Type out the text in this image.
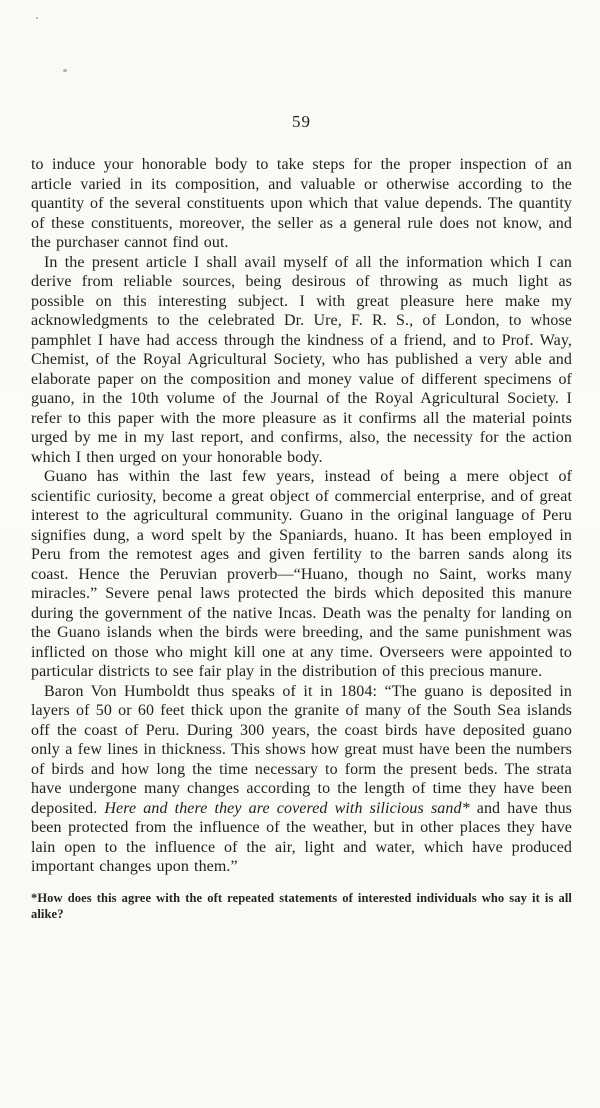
59

to induce your honorable body to take steps for the proper inspection of an article varied in its composition, and valuable or otherwise according to the quantity of the several constituents upon which that value depends. The quantity of these constituents, moreover, the seller as a general rule does not know, and the purchaser cannot find out.

In the present article I shall avail myself of all the information which I can derive from reliable sources, being desirous of throwing as much light as possible on this interesting subject. I with great pleasure here make my acknowledgments to the celebrated Dr. Ure, F. R. S., of London, to whose pamphlet I have had access through the kindness of a friend, and to Prof. Way, Chemist, of the Royal Agricultural Society, who has published a very able and elaborate paper on the composition and money value of different specimens of guano, in the 10th volume of the Journal of the Royal Agricultural Society. I refer to this paper with the more pleasure as it confirms all the material points urged by me in my last report, and confirms, also, the necessity for the action which I then urged on your honorable body.

Guano has within the last few years, instead of being a mere object of scientific curiosity, become a great object of commercial enterprise, and of great interest to the agricultural community. Guano in the original language of Peru signifies dung, a word spelt by the Spaniards, huano. It has been employed in Peru from the remotest ages and given fertility to the barren sands along its coast. Hence the Peruvian proverb—“Huano, though no Saint, works many miracles.” Severe penal laws protected the birds which deposited this manure during the government of the native Incas. Death was the penalty for landing on the Guano islands when the birds were breeding, and the same punishment was inflicted on those who might kill one at any time. Overseers were appointed to particular districts to see fair play in the distribution of this precious manure.

Baron Von Humboldt thus speaks of it in 1804: “The guano is deposited in layers of 50 or 60 feet thick upon the granite of many of the South Sea islands off the coast of Peru. During 300 years, the coast birds have deposited guano only a few lines in thickness. This shows how great must have been the numbers of birds and how long the time necessary to form the present beds. The strata have undergone many changes according to the length of time they have been deposited. Here and there they are covered with silicious sand* and have thus been protected from the influence of the weather, but in other places they have lain open to the influence of the air, light and water, which have produced important changes upon them.”

*How does this agree with the oft repeated statements of interested individuals who say it is all alike?
